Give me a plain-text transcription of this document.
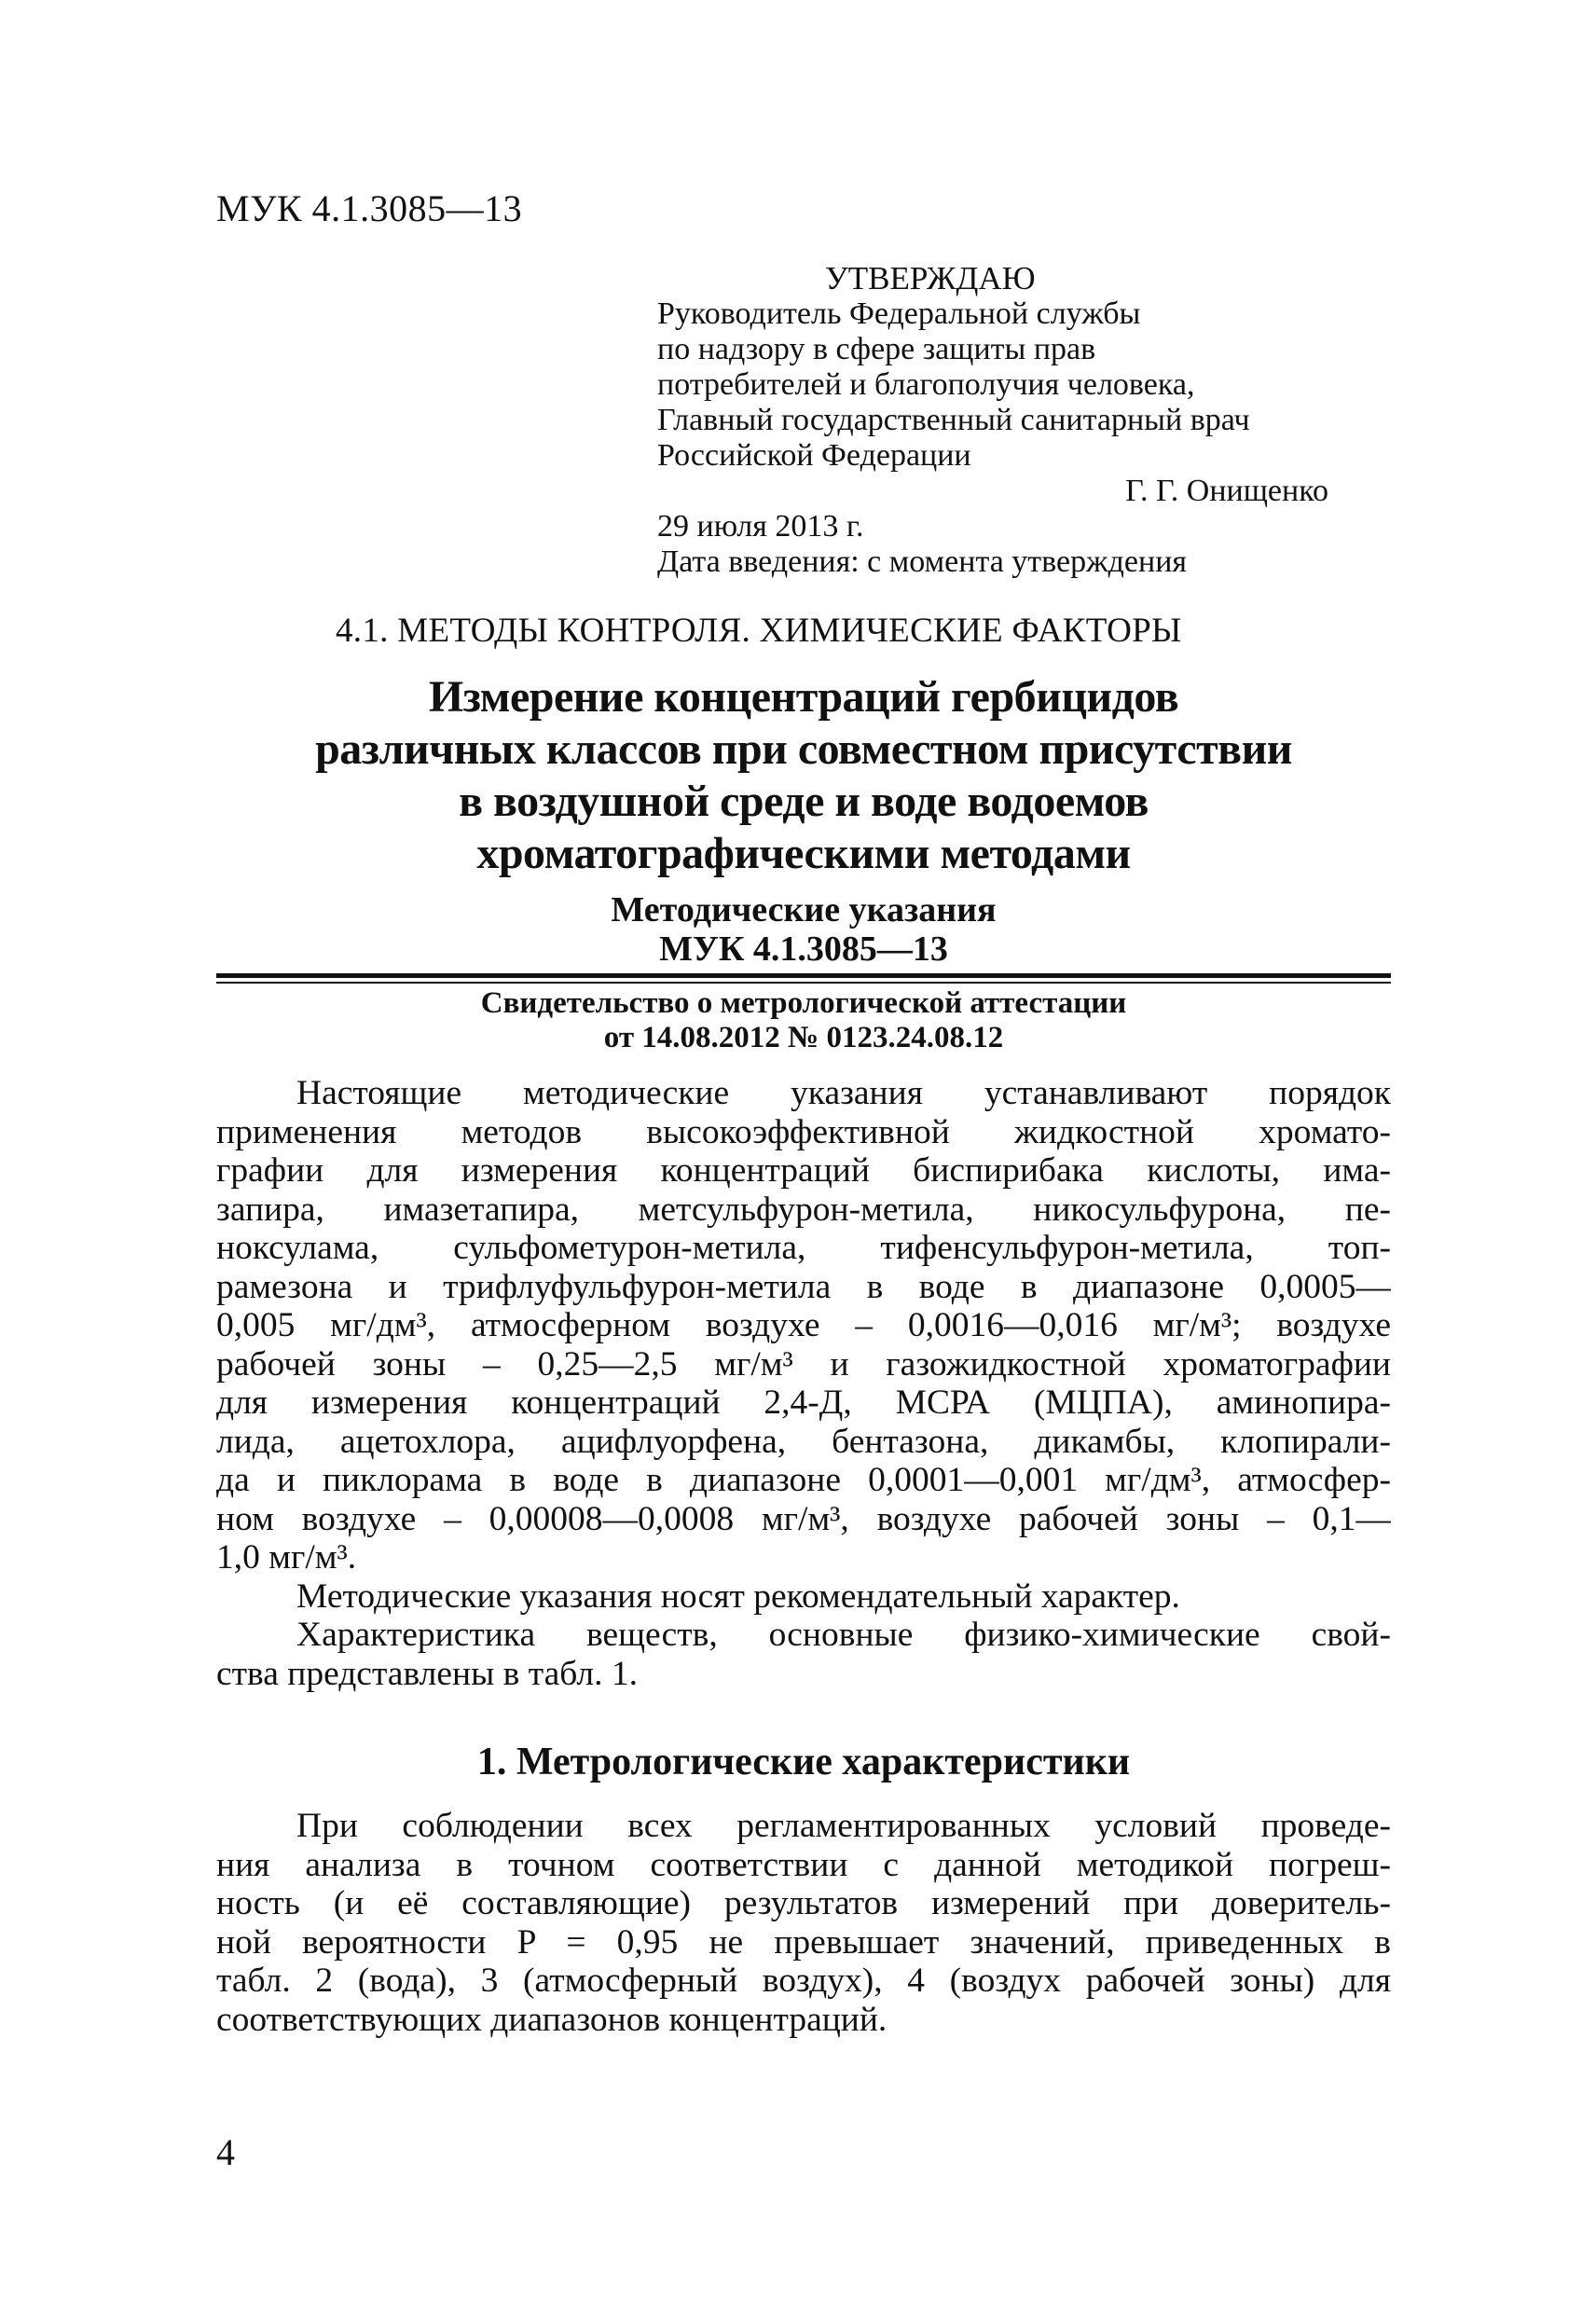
МУК 4.1.3085—13
УТВЕРЖДАЮ
Руководитель Федеральной службы
по надзору в сфере защиты прав
потребителей и благополучия человека,
Главный государственный санитарный врач
Российской Федерации
Г. Г. Онищенко
29 июля 2013 г.
Дата введения: с момента утверждения
4.1. МЕТОДЫ КОНТРОЛЯ. ХИМИЧЕСКИЕ ФАКТОРЫ
Измерение концентраций гербицидов
различных классов при совместном присутствии
в воздушной среде и воде водоемов
хроматографическими методами
Методические указания
МУК 4.1.3085—13
Свидетельство о метрологической аттестации
от 14.08.2012 № 0123.24.08.12
Настоящие методические указания устанавливают порядок
применения методов высокоэффективной жидкостной хромато-
графии для измерения концентраций биспирибака кислоты, има-
запира, имазетапира, метсульфурон-метила, никосульфурона, пе-
ноксулама, сульфометурон-метила, тифенсульфурон-метила, топ-
рамезона и трифлуфульфурон-метила в воде в диапазоне 0,0005—
0,005 мг/дм³, атмосферном воздухе – 0,0016—0,016 мг/м³; воздухе
рабочей зоны – 0,25—2,5 мг/м³ и газожидкостной хроматографии
для измерения концентраций 2,4-Д, МСРА (МЦПА), аминопира-
лида, ацетохлора, ацифлуорфена, бентазона, дикамбы, клопирали-
да и пиклорама в воде в диапазоне 0,0001—0,001 мг/дм³, атмосфер-
ном воздухе – 0,00008—0,0008 мг/м³, воздухе рабочей зоны – 0,1—
1,0 мг/м³.
Методические указания носят рекомендательный характер.
Характеристика веществ, основные физико-химические свой-
ства представлены в табл. 1.
1. Метрологические характеристики
При соблюдении всех регламентированных условий проведе-
ния анализа в точном соответствии с данной методикой погреш-
ность (и её составляющие) результатов измерений при доверитель-
ной вероятности P = 0,95 не превышает значений, приведенных в
табл. 2 (вода), 3 (атмосферный воздух), 4 (воздух рабочей зоны) для
соответствующих диапазонов концентраций.
4
